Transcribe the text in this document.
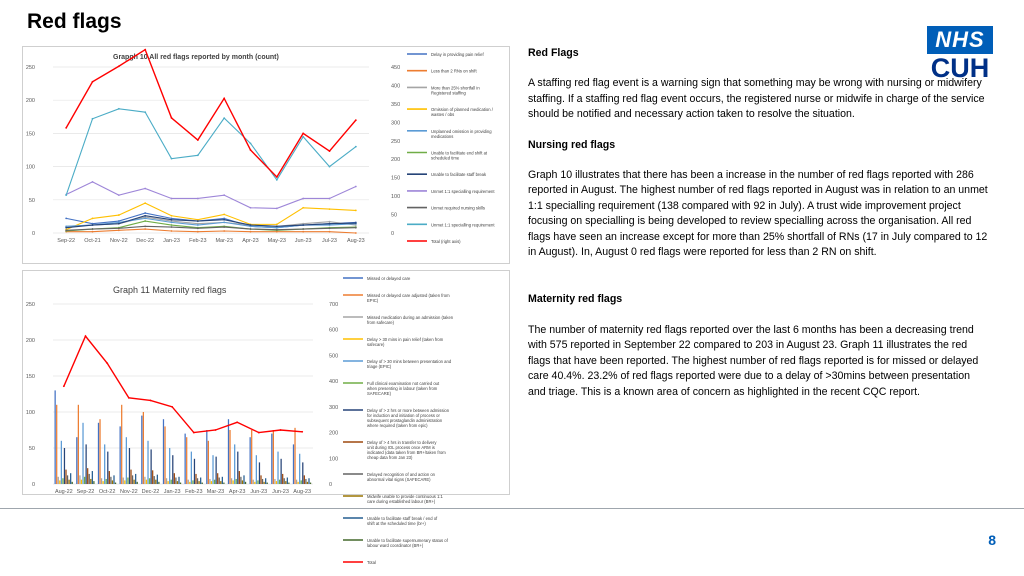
Red flags
NHS
CUH
Grapgh 10 All red flags reported by month (count)
0
50
100
150
200
250
0
50
100
150
200
250
300
350
400
450
Sep-22 Oct-21 Nov-22 Dec-22 Jan-23 Feb-23 Mar-23 Apr-23 May-23 Jun-23 Jul-23 Aug-23
Delay in providing pain relief
Less than 2 RNs on shift
More than 25% shortfall in
Registered staffing
Omission of planned medication /
wastes / obs
Unplanned omission in providing
medications
Unable to facilitate end shift at
scheduled time
Unable to facilitate staff break
Unmet 1:1 specialling requirement
Unmet required nursing skills
Unmet 1:1 specialling requirement
Total (right axis)
Graph 11 Maternity red flags
0
50
100
150
200
250
0
100
200
300
400
500
600
700
Aug-22 Sep-22 Oct-22 Nov-22 Dec-22 Jan-23 Feb-23 Mar-23 Apr-23 Jun-23 Jun-23 Aug-23
Missed or delayed care
Missed or delayed care adjusted (taken from
EPIC)
Missed medication during an admission (taken
from safecare)
Delay > 30 mins in pain relief (taken from
safecare)
Delay of > 30 mins between presentation and
triage (EPIC)
Full clinical examination not carried out
when presenting in labour (taken from
SAFECARE)
Delay of > 2 hrs or more between admission
for induction and initiation of process or
subsequent prostaglandin administration
where required (taken from epic)
Delay of > 4 hrs in transfer to delivery
unit during IOL process once ARM is
indicated (data taken from BR+/taken from
cheap data from Jan 23)
Delayed recognition of and action on
abnormal vital signs (SAFECARE)
Midwife unable to provide continuous 1:1
care during established labour (BR+)
Unable to facilitate staff break / end of
shift at the scheduled time (br+)
Unable to facilitate supernumerary status of
labour ward coordinator (BR+)
Total
Red Flags

A staffing red flag event is a warning sign that something may be wrong with nursing or midwifery staffing. If a staffing red flag event occurs, the registered nurse or midwife in charge of the service should be notified and necessary action taken to resolve the situation.

Nursing red flags

Graph 10 illustrates that there has been a increase in the number of red flags reported with 286 reported in August. The highest number of red flags reported in August was in relation to an unmet 1:1 specialling requirement (138 compared with 92 in July). A trust wide improvement project focusing on specialling is being developed to review specialling across the organisation. All red flags have seen an increase except for more than 25% shortfall of RNs (17 in July compared to 12 in August). In, August 0 red flags were reported for less than 2 RN on shift.

Maternity red flags

The number of maternity red flags reported over the last 6 months has been a decreasing trend with 575 reported in September 22 compared to 203 in August 23. Graph 11 illustrates the red flags that have been reported. The highest number of red flags reported is for missed or delayed care 40.4%. 23.2% of red flags reported were due to a delay of >30mins between presentation and triage. This is a known area of concern as highlighted in the recent CQC report.

8
